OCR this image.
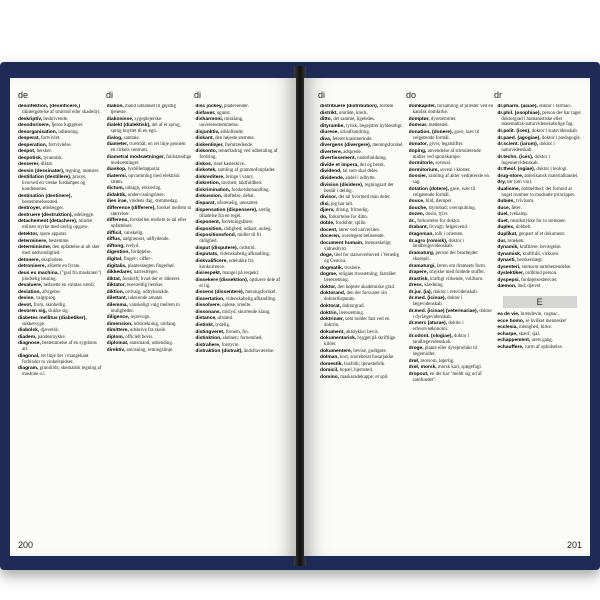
de	di	di
desinfektion, (desinficere,) tilintetgørelse af smitstof eller skadedyr.
deskriptiv, beskrivende.
desodorisere, fjerne lugtgener.
desorganisation, udløsning.
desperat, fortvivlet.
desperation, fortvivlelse.
despot, hersker.
despotisk, tyrannisk.
desserer, diktat.
dessin (dessinatør), tegning, mønster.
destillation (destillere), proces, hvorved en væske fordampes og kondenseres.
destination (destinere), bestemmelsessted.
destroyer, ødelægger.
destruere (destruktion), ødelægge.
detachement (detachere), mindre militær styrke med særlig opgave.
detektor, spore apparat.
determinere, bestemme.
determinisme, den opfattelse at alt sker med nødvendighed.
detonere, eksplodere.
detronisere, afsætte en fyrste.
deus ex machina, ("gud fra maskinen") pludselig løsning.
devaluere, nedsætte en valutas værdi.
deviation, afvigelse.
devise, valgsprog.
devot, from, skinhellig.
devoren sig, slukke sig.
diabetes mellitus (diabetiker), sukkersyge.
diabolsk, djævelsk.
diadem, pandesmykke.
diagnose, bestemmelse af en sygdoms art.
diagonal, ret linje der i mangekant forbinder to vinkelspidser.
diagram, grundrids; skematisk tegning af maskine o.l.
diakon, mand uddannet til gejstlig tjeneste.
diakonisse, sygeplejerske.
dialekt (dialektisk), del af et sprog, sprog knyttet til en egn.
dialog, samtale.
diameter, tværmål; en ret linje gennem en cirkels centrum.
diametral modsætninger, fuldstændige modsætninger.
diaskop, lysbilledapparat.
diatermi, opvarmning med elektrisk strøm.
dictum, udsagn, erklæring.
didaktik, undervisningslære.
dies irae, vredens dag, dommedag.
difference (differere), forskel mellem to størrelser.
differens, forskellen mellem to tal eller opfattelser.
difficil, vanskelig.
diffus, uafgrænset, udflydende.
diftong, tvelyd.
digestion, fordøjelse.
digital, finger-; ciffer-.
digitalis, planteslægten fingerbøl.
dikkedarer, narrestreger.
diktat, forskrift; hvad der er dikteret.
diktator, enevældig hersker.
diktion, ordvalg, udtryksmåde.
dilettant, udøvende amatør.
dilemma, vanskeligt valg mellem to muligheder.
diligence, rejsevogn.
dimension, udstrækning, omfang.
dimittere, udskrive fra skole.
diplom, officielt bevis.
diplomat, statsmand, udsending.
direktiv, anvisning, retningslinje.
disc jockey, pladevender.
disfavør, ugunst.
disharmoni, misklang, uoverensstemmelse.
disjunktiv, adskillende.
diskant, den højeste stemme.
diskenlinjer, fremtrædende.
diskonto, rentefradrag ved udbetaling af fordring.
diskos, rund kasteskive.
diskotek, samling af grammofonplader.
diskreditere, bringe i vanry.
diskretion, tavshed, taktfuldhed.
diskrimination, forskelsbehandling.
diskussion, drøftelse, debat.
disparat, uforenelig, uensartet.
dispensation (dispensere), særlig tilladelse fra en regel.
disponent, forretningsfører.
disposition, rådighed; udkast, anlæg.
dispositionsfond, midler til fri rådighed.
disput (disputere), ordstrid.
disputats, videnskabelig afhandling.
diskvalificere, udelukke fra konkurrence.
disrespekt, mangel på respekt.
dissekere (dissektion), opskære dele af et lig.
dissens (dissentere), meningsforskel.
dissertation, videnskabelig afhandling.
dissolvere, opløse, smelte.
dissonans, mislyd, skurrende klang.
distance, afstand.
distinkt, tydelig.
distingveret, fornem, fin.
distinktion, skelnen; fornemhed.
distrahere, forstyrre.
distraktion (distrait), åndsfraværelse.
200
di	do	dr
distribuere (distribution), fordele.
distrikt, område, kreds.
ditto, det samme, ligeledes.
dityrambe, lyrisk, begejstret hyldestdigt.
diurese, urinafsondring.
diva, feteret kunstnerinde.
divergens (divergere), meningsforskel.
divertere, adsprede.
divertissement, underholdning.
divide et impera, del og hersk.
dividend, tal som skal deles.
dividende, andel i udbytte.
division (dividere), regningsart der består i deling.
divisor, det tal hvormed man deler.
dixi, jeg har talt.
djærv, dristig, frimodig.
do, forkortelse for ditto.
doble, fordoble; spille.
docent, lærer ved universitet.
doceren, overlegent belærende.
document humain, menneskeligt vidnesbyrd.
doge, titel for statsoverhoved i Venedig og Genova.
dogmatik, troslære.
dogme, religiøs trossætning; fastslået læresætning.
doktor, den højeste akademiske grad.
doktorand, den der forsvarer sin doktordisputats.
doktorat, doktorgrad.
doktrin, læresætning.
doktrinær, som holder fast ved en doktrin.
dokument, aktstykke; bevis.
dokumentarisk, bygget på skriftlige kilder.
dokumentere, bevise, godtgøre.
dolman, kort, snorebesat husarjakke.
domestik, husfolk; tjenestefolk.
domicil, bopæl, hjemsted.
domino, maskeradekappe; et spil.
domkapitel, forsamling af præster ved en katolsk domkirke.
domptør, dyretæmmer.
domsar, mødested.
donation, (donere), gave, især til velgørende formål.
donator, giver, legatstifter.
doping, anvendelse af stimulerende midler ved sportskampe.
dormitorie, sovesal.
dormitorium, soveal i kloster.
dossier, samling af akter vedrørende en sag.
dotation (dotere), gave, især til velgørende formål.
douce, blid, dæmpet.
douche, styrtebad; overspulning.
dozen, dusin, tylvt.
dr., forkortelse for doktor.
drabant, livvagt; følgesvend.
dragoman, tolk i orienten.
dr.agro (romisk), doktor i landbrugsvidenskab.
dramaturg, person der bearbejder skuespil.
dramaturgi, læren om dramaets form.
drapere, smykke med foldede stoffer.
drastisk, kraftigt virkende, voldsom.
dress, klædning.
dr.jur. (ia), doktor i retsvidenskab.
dr.med. (icinae), doktor i lægevidenskab.
dr.med. (icinae) (veterinariae), doktor i dyrlægevidenskab.
dr.merc (aturae), doktor i erhvervsøkonomi.
dr.odont. (ologiae), doktor i tandlægevidenskab.
droge, plante eller dyreprodukt til lægemidler.
drøl, morsom, løjerlig.
drøl, morsk, morsk karl, spøgefugl.
dropout, en der har "meldt sig ud af samfundet".
dr.pharm. (aciae), doktor i farmaci.
dr.phil. (osophiae), person der har taget doktorgrad i humanistiske eller matematisk-naturvidenskabelige fag.
dr.polit. (ices), doktor i statsvidenskab.
dr.paed. (agogiae), doktor i pædagogik.
dr.scient. (iarum), doktor i naturvidenskab.
dr.techn. (ices), doktor i ingeniørvidenskab.
dr.theol. (ogiae), doktor i teologi.
drug-store, amerikansk materialhandel.
dry, tør (om vin).
dualisme, dobbelthed; det forhold at noget rummer to modsatte principper.
dubiøs, tvivlsom.
duce, fører.
duel, tvekamp.
duet, musikstykke for to stemmer.
duplex, dobbelt.
duplikat, genpart af et dokument.
dur, tonekøn.
dynamik, kraftlære; bevægelse.
dynamisk, kraftfuld, virksom.
dynasti, herskerslægt.
dysenteri, smitsom tarmbetændelse.
dyslektiker, ordblind person.
dyspepsi, fordøjelsesbesvær.
dæmon, ånd; djævel.
E
ea de vie, brændevin, cognac.
ecce homo, se hvilket menneske!
ecclesia, menighed, kirke.
echarpe, skærf, sjal.
echappement, urets gang.
echauffere, varm af ophidselse.
201
